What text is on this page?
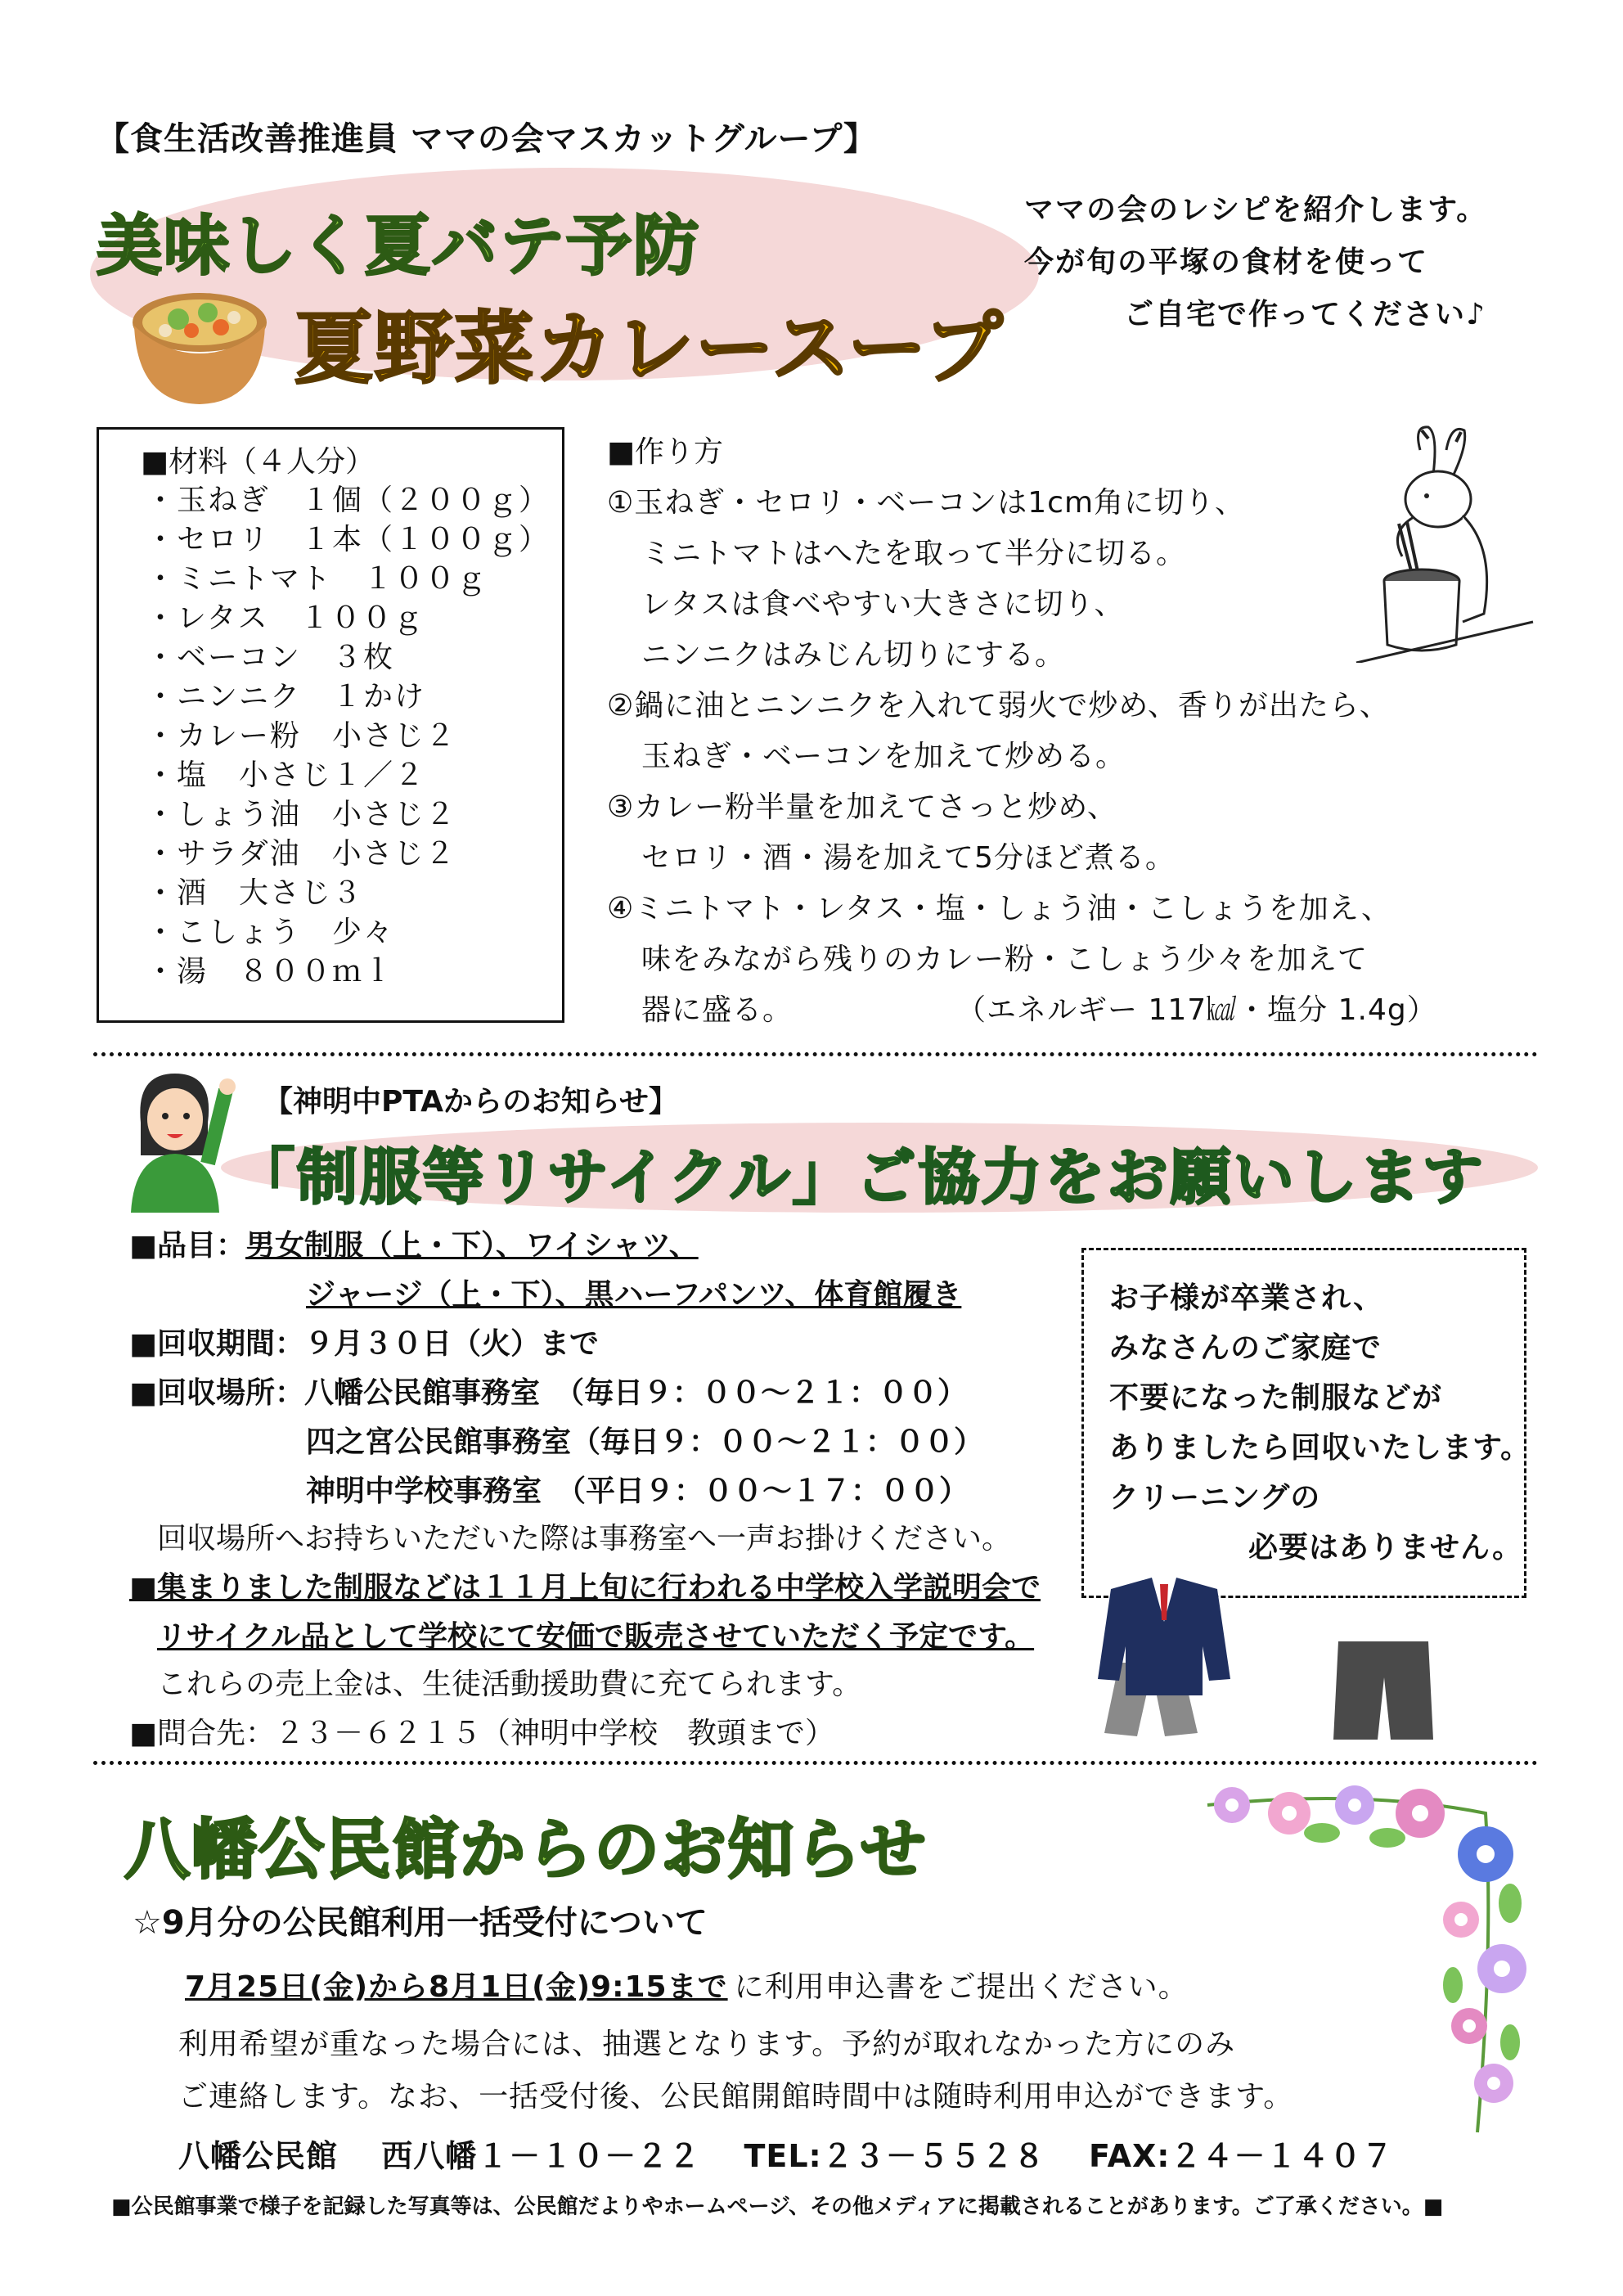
【食生活改善推進員 ママの会マスカットグループ】
美味しく夏バテ予防
夏野菜カレースープ
ママの会のレシピを紹介します。
今が旬の平塚の食材を使って
ご自宅で作ってください♪
■材料（４人分）
・ 玉ねぎ　１個（２００ｇ）
・ セロリ　１本（１００ｇ）
・ ミニトマト　１００ｇ
・ レタス　１００ｇ
・ ベーコン　３枚
・ ニンニク　１かけ
・ カレー粉　小さじ２
・ 塩　小さじ１／２
・ しょう油　小さじ２
・ サラダ油　小さじ２
・ 酒　大さじ３
・ こしょう　少々
・ 湯　８００ｍｌ
■作り方
①玉ねぎ・セロリ・ベーコンは1cm角に切り、
ミニトマトはへたを取って半分に切る。
レタスは食べやすい大きさに切り、
ニンニクはみじん切りにする。
②鍋に油とニンニクを入れて弱火で炒め、香りが出たら、
玉ねぎ・ベーコンを加えて炒める。
③カレー粉半量を加えてさっと炒め、
セロリ・酒・湯を加えて5分ほど煮る。
④ミニトマト・レタス・塩・しょう油・こしょうを加え、
味をみながら残りのカレー粉・こしょう少々を加えて
器に盛る。	（エネルギー 117㎉・塩分 1.4g）
【神明中PTAからのお知らせ】
「制服等リサイクル」ご協力をお願いします
■品目：男女制服（上・下）、ワイシャツ、
ジャージ（上・下）、黒ハーフパンツ、体育館履き
■回収期間：９月３０日（火）まで
■回収場所：八幡公民館事務室　（毎日９：００～２１：００）
四之宮公民館事務室（毎日９：００～２１：００）
神明中学校事務室　（平日９：００～１７：００）
回収場所へお持ちいただいた際は事務室へ一声お掛けください。
■集まりました制服などは１１月上旬に行われる中学校入学説明会で
リサイクル品として学校にて安価で販売させていただく予定です。
これらの売上金は、生徒活動援助費に充てられます。
■問合先：２３－６２１５（神明中学校　教頭まで）
お子様が卒業され、
みなさんのご家庭で
不要になった制服などが
ありましたら回収いたします。
クリーニングの
必要はありません。
八幡公民館からのお知らせ
☆9月分の公民館利用一括受付について
7月25日(金)から8月1日(金)9:15まで に利用申込書をご提出ください。
利用希望が重なった場合には、抽選となります。予約が取れなかった方にのみ
ご連絡します。なお、一括受付後、公民館開館時間中は随時利用申込ができます。
八幡公民館　 西八幡１－１０－２２　 TEL:２３－５５２８　 FAX:２４－１４０７
■公民館事業で様子を記録した写真等は、公民館だよりやホームページ、その他メディアに掲載されることがあります。ご了承ください。■
